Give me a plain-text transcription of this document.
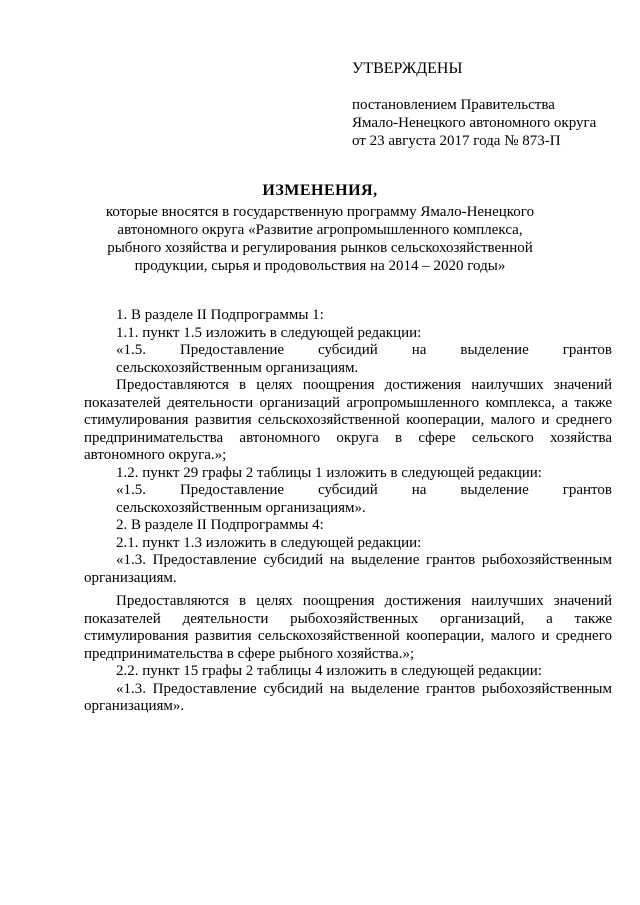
УТВЕРЖДЕНЫ
постановлением Правительства
Ямало-Ненецкого автономного округа
от 23 августа 2017 года № 873-П
ИЗМЕНЕНИЯ,
которые вносятся в государственную программу Ямало-Ненецкого
автономного округа «Развитие агропромышленного комплекса,
рыбного хозяйства и регулирования рынков сельскохозяйственной
продукции, сырья и продовольствия на 2014 – 2020 годы»
1. В разделе II Подпрограммы 1:
1.1. пункт 1.5 изложить в следующей редакции:
«1.5. Предоставление субсидий на выделение грантов
сельскохозяйственным организациям.
Предоставляются в целях поощрения достижения наилучших значений показателей деятельности организаций агропромышленного комплекса, а также стимулирования развития сельскохозяйственной кооперации, малого и среднего предпринимательства автономного округа в сфере сельского хозяйства автономного округа.»;
1.2. пункт 29 графы 2 таблицы 1 изложить в следующей редакции:
«1.5. Предоставление субсидий на выделение грантов
сельскохозяйственным организациям».
2. В разделе II Подпрограммы 4:
2.1. пункт 1.3 изложить в следующей редакции:
«1.3. Предоставление субсидий на выделение грантов рыбохозяйственным организациям.
Предоставляются в целях поощрения достижения наилучших значений показателей деятельности рыбохозяйственных организаций, а также стимулирования развития сельскохозяйственной кооперации, малого и среднего предпринимательства в сфере рыбного хозяйства.»;
2.2. пункт 15 графы 2 таблицы 4 изложить в следующей редакции:
«1.3. Предоставление субсидий на выделение грантов рыбохозяйственным организациям».
